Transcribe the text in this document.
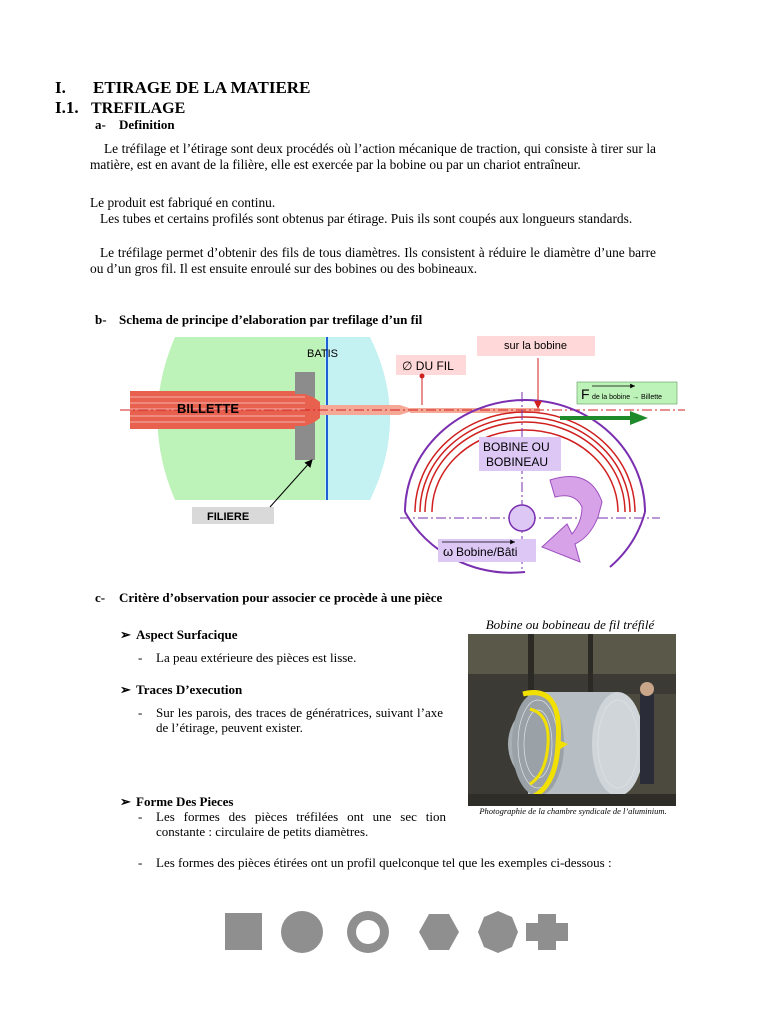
I. ETIRAGE DE LA MATIERE
I.1. TREFILAGE
a- Definition

Le tréfilage et l’étirage sont deux procédés où l’action mécanique de traction, qui consiste à tirer sur la matière, est en avant de la filière, elle est exercée par la bobine ou par un chariot entraîneur.

Le produit est fabriqué en continu.

Les tubes et certains profilés sont obtenus par étirage. Puis ils sont coupés aux longueurs standards.

Le tréfilage permet d’obtenir des fils de tous diamètres. Ils consistent à réduire le diamètre d’une barre ou d’un gros fil. Il est ensuite enroulé sur des bobines ou des bobineaux.

b- Schema de principe d’elaboration par trefilage d’un fil
F de la bobine → Billette
BATIS
BILLETTE
∅ DU FIL
sur la bobine
BOBINE OU
BOBINEAU
FILIERE
ω Bobine/Bâti
c- Critère d’observation pour associer ce procède à une pièce
➢ Aspect Surfacique
- La peau extérieure des pièces est lisse.
➢ Traces D’execution
- Sur les parois, des traces de génératrices, suivant l’axe de l’étirage, peuvent exister.
➢ Forme Des Pieces
- Les formes des pièces tréfilées ont une sec tion constante : circulaire de petits diamètres.
- Les formes des pièces étirées ont un profil quelconque tel que les exemples ci-dessous :
Bobine ou bobineau de fil tréfilé
Photographie de la chambre syndicale de l’aluminium.
